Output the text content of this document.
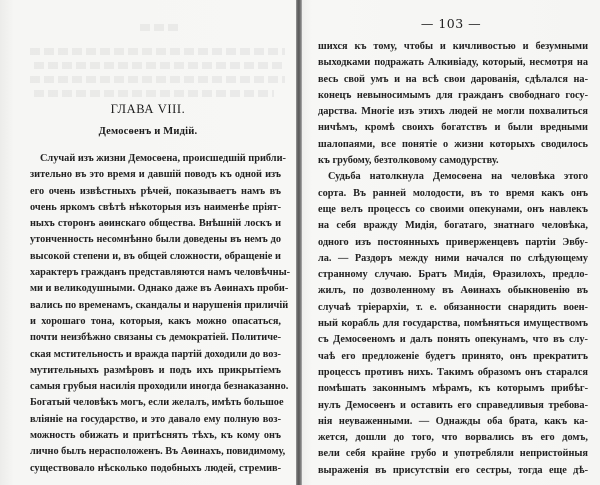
ГЛАВА VIII.
Демосѳенъ и Мидій.
Случай изъ жизни Демосѳена, происшедшій прибли-
зительно въ это время и давшій поводъ къ одной изъ
его очень извѣстныхъ рѣчей, показываетъ намъ въ
очень яркомъ свѣтѣ нѣкоторыя изъ наименѣе пріят-
ныхъ сторонъ аѳинскаго общества. Внѣшній лоскъ и
утонченность несомнѣнно были доведены въ немъ до
высокой степени и, въ общей сложности, обращеніе и
характеръ гражданъ представляются намъ человѣчны-
ми и великодушными. Однако даже въ Аѳинахъ проби-
вались по временамъ, скандалы и нарушенія приличій
и хорошаго тона, которыя, какъ можно опасаться,
почти неизбѣжно связаны съ демократіей. Политиче-
ская мстительность и вражда партій доходили до воз-
мутительныхъ размѣровъ и подъ ихъ прикрытіемъ
самыя грубыя насилія проходили иногда безнаказанно.
Богатый человѣкъ могъ, если желалъ, имѣть большое
вліяніе на государство, и это давало ему полную воз-
можность обижать и притѣснять тѣхъ, къ кому онъ
лично былъ нерасположенъ. Въ Аѳинахъ, повидимому,
существовало нѣсколько подобныхъ людей, стремив-
— 103 —
шихся къ тому, чтобы и кичливостью и безумными
выходками подражать Алкивіаду, который, несмотря на
весь свой умъ и на всѣ свои дарованія, сдѣлался на-
конецъ невыносимымъ для гражданъ свободнаго госу-
дарства. Многіе изъ этихъ людей не могли похвалиться
ничѣмъ, кромѣ своихъ богатствъ и были вредными
шалопаями, все понятіе о жизни которыхъ сводилось
къ грубому, безтолковому самодурству.
Судьба натолкнула Демосѳена на человѣка этого
сорта. Въ ранней молодости, въ то время какъ онъ
еще велъ процессъ со своими опекунами, онъ навлекъ
на себя вражду Мидія, богатаго, знатнаго человѣка,
одного изъ постоянныхъ приверженцевъ партіи Эвбу-
ла. — Раздоръ между ними начался по слѣдующему
странному случаю. Братъ Мидія, Ѳразилохъ, предло-
жилъ, по дозволенному въ Аѳинахъ обыкновенію въ
случаѣ тріерархіи, т. е. обязанности снарядить воен-
ный корабль для государства, помѣняться имуществомъ
съ Демосѳеномъ и далъ понять опекунамъ, что въ слу-
чаѣ его предложеніе будетъ принято, онъ прекратитъ
процессъ противъ нихъ. Такимъ образомъ онъ старался
помѣшать законнымъ мѣрамъ, къ которымъ прибѣг-
нулъ Демосѳенъ и оставить его справедливыя требова-
нія неуваженными. — Однажды оба брата, какъ ка-
жется, дошли до того, что ворвались въ его домъ,
вели себя крайне грубо и употребляли непристойныя
выраженія въ присутствіи его сестры, тогда еще дѣ-
